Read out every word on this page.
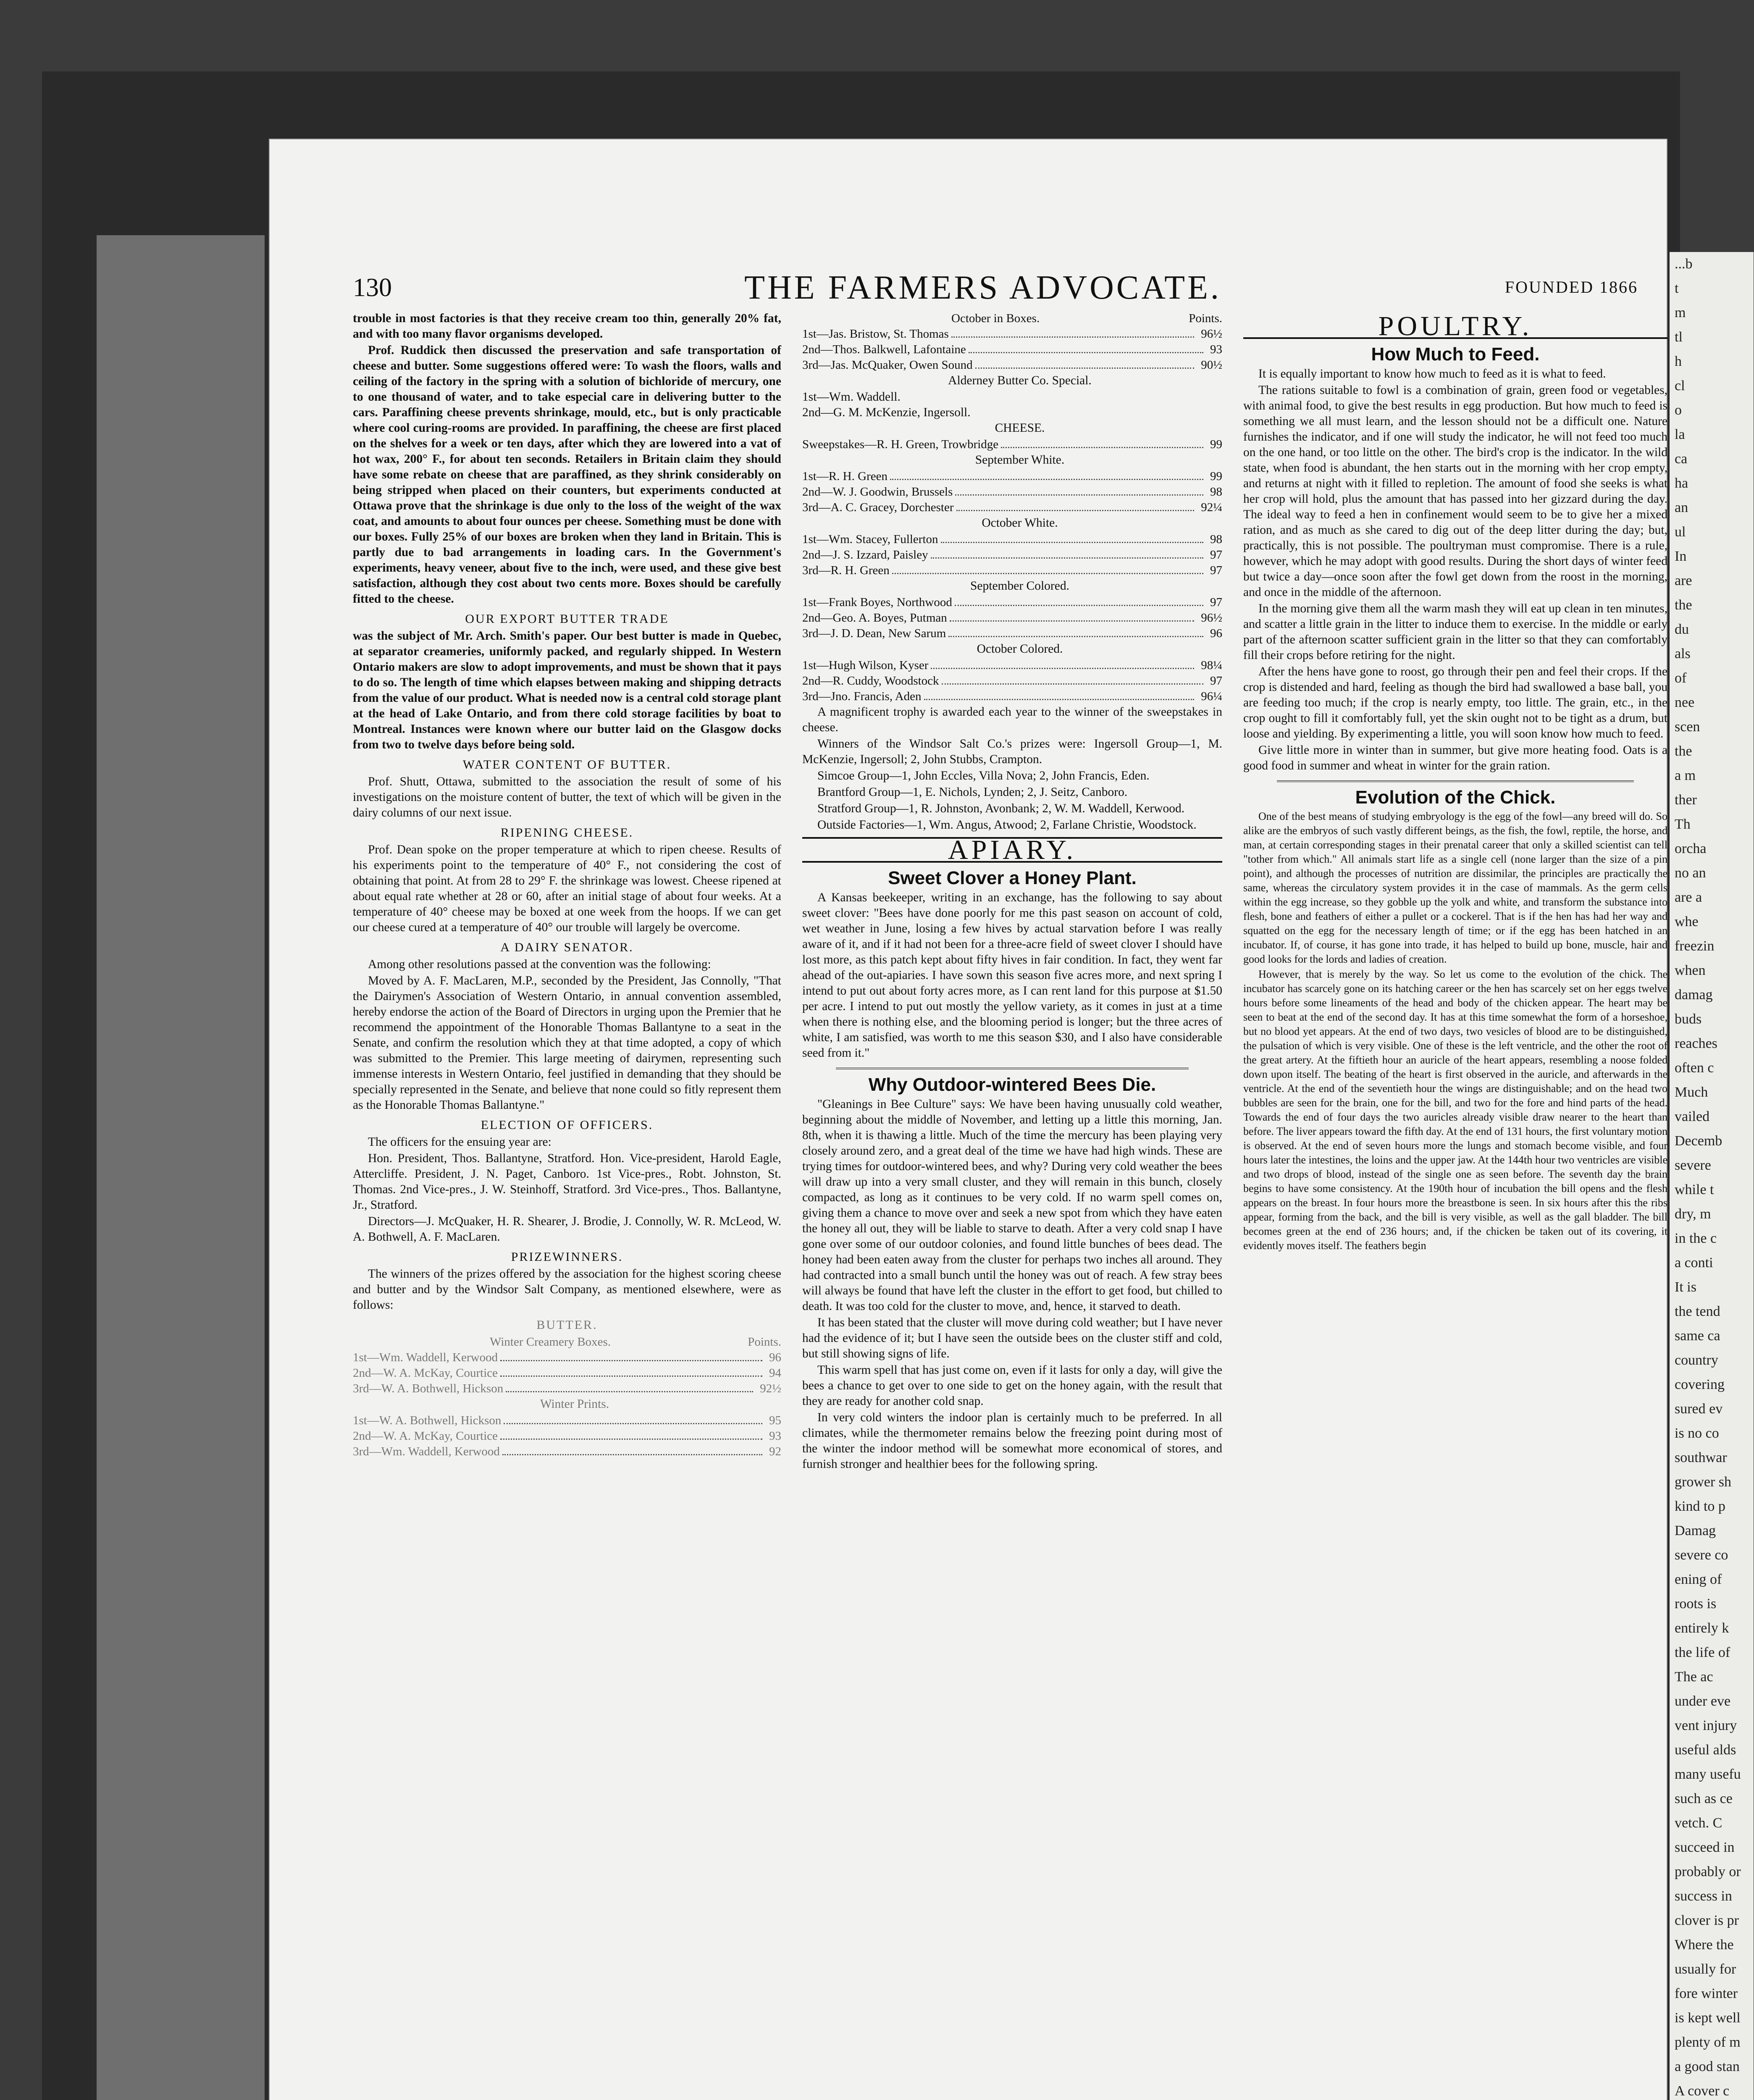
...b
t
m
tl
h
cl
o
la
ca
ha
an
ul
In
are
the
du
als
of
nee
scen
the
a m
ther
Th
orcha
no an
are a
whe
freezin
when
damag
buds
reaches
often c
Much
vailed
Decemb
severe
while t
dry, m
in the c
a conti
It is
the tend
same ca
country
covering
sured ev
is no co
southwar
grower sh
kind to p
Damag
severe co
ening of
roots is
entirely k
the life of
The ac
under eve
vent injury
useful alds
many usefu
such as ce
vetch. C
succeed in
probably or
success in
clover is pr
Where the
usually for
fore winter
is kept well
plenty of m
a good stan
A cover c
130	THE FARMERS ADVOCATE.	FOUNDED 1866

trouble in most factories is that they receive cream too thin, generally 20% fat, and with too many flavor organisms developed.

Prof. Ruddick then discussed the preservation and safe transportation of cheese and butter. Some suggestions offered were: To wash the floors, walls and ceiling of the factory in the spring with a solution of bichloride of mercury, one to one thousand of water, and to take especial care in delivering butter to the cars. Paraffining cheese prevents shrinkage, mould, etc., but is only practicable where cool curing-rooms are provided. In paraffining, the cheese are first placed on the shelves for a week or ten days, after which they are lowered into a vat of hot wax, 200° F., for about ten seconds. Retailers in Britain claim they should have some rebate on cheese that are paraffined, as they shrink considerably on being stripped when placed on their counters, but experiments conducted at Ottawa prove that the shrinkage is due only to the loss of the weight of the wax coat, and amounts to about four ounces per cheese. Something must be done with our boxes. Fully 25% of our boxes are broken when they land in Britain. This is partly due to bad arrangements in loading cars. In the Government's experiments, heavy veneer, about five to the inch, were used, and these give best satisfaction, although they cost about two cents more. Boxes should be carefully fitted to the cheese.

OUR EXPORT BUTTER TRADE

was the subject of Mr. Arch. Smith's paper. Our best butter is made in Quebec, at separator creameries, uniformly packed, and regularly shipped. In Western Ontario makers are slow to adopt improvements, and must be shown that it pays to do so. The length of time which elapses between making and shipping detracts from the value of our product. What is needed now is a central cold storage plant at the head of Lake Ontario, and from there cold storage facilities by boat to Montreal. Instances were known where our butter laid on the Glasgow docks from two to twelve days before being sold.

WATER CONTENT OF BUTTER.

Prof. Shutt, Ottawa, submitted to the association the result of some of his investigations on the moisture content of butter, the text of which will be given in the dairy columns of our next issue.

RIPENING CHEESE.

Prof. Dean spoke on the proper temperature at which to ripen cheese. Results of his experiments point to the temperature of 40° F., not considering the cost of obtaining that point. At from 28 to 29° F. the shrinkage was lowest. Cheese ripened at about equal rate whether at 28 or 60, after an initial stage of about four weeks. At a temperature of 40° cheese may be boxed at one week from the hoops. If we can get our cheese cured at a temperature of 40° our trouble will largely be overcome.

A DAIRY SENATOR.

Among other resolutions passed at the convention was the following:

Moved by A. F. MacLaren, M.P., seconded by the President, Jas Connolly, "That the Dairymen's Association of Western Ontario, in annual convention assembled, hereby endorse the action of the Board of Directors in urging upon the Premier that he recommend the appointment of the Honorable Thomas Ballantyne to a seat in the Senate, and confirm the resolution which they at that time adopted, a copy of which was submitted to the Premier. This large meeting of dairymen, representing such immense interests in Western Ontario, feel justified in demanding that they should be specially represented in the Senate, and believe that none could so fitly represent them as the Honorable Thomas Ballantyne."

ELECTION OF OFFICERS.

The officers for the ensuing year are:

Hon. President, Thos. Ballantyne, Stratford. Hon. Vice-president, Harold Eagle, Attercliffe. President, J. N. Paget, Canboro. 1st Vice-pres., Robt. Johnston, St. Thomas. 2nd Vice-pres., J. W. Steinhoff, Stratford. 3rd Vice-pres., Thos. Ballantyne, Jr., Stratford.

Directors—J. McQuaker, H. R. Shearer, J. Brodie, J. Connolly, W. R. McLeod, W. A. Bothwell, A. F. MacLaren.

PRIZEWINNERS.

The winners of the prizes offered by the association for the highest scoring cheese and butter and by the Windsor Salt Company, as mentioned elsewhere, were as follows:

BUTTER.

Winter Creamery Boxes.	Points.
1st—Wm. Waddell, Kerwood	96
2nd—W. A. McKay, Courtice	94
3rd—W. A. Bothwell, Hickson	92½

Winter Prints.

1st—W. A. Bothwell, Hickson	95
2nd—W. A. McKay, Courtice	93
3rd—Wm. Waddell, Kerwood	92
October in Boxes.	Points.
1st—Jas. Bristow, St. Thomas	96½
2nd—Thos. Balkwell, Lafontaine	93
3rd—Jas. McQuaker, Owen Sound	90½

Alderney Butter Co. Special.

1st—Wm. Waddell.
2nd—G. M. McKenzie, Ingersoll.

CHEESE.

Sweepstakes—R. H. Green, Trowbridge	99

September White.

1st—R. H. Green	99
2nd—W. J. Goodwin, Brussels	98
3rd—A. C. Gracey, Dorchester	92¼

October White.

1st—Wm. Stacey, Fullerton	98
2nd—J. S. Izzard, Paisley	97
3rd—R. H. Green	97

September Colored.

1st—Frank Boyes, Northwood	97
2nd—Geo. A. Boyes, Putman	96½
3rd—J. D. Dean, New Sarum	96

October Colored.

1st—Hugh Wilson, Kyser	98¼
2nd—R. Cuddy, Woodstock	97
3rd—Jno. Francis, Aden	96¼

A magnificent trophy is awarded each year to the winner of the sweepstakes in cheese.

Winners of the Windsor Salt Co.'s prizes were: Ingersoll Group—1, M. McKenzie, Ingersoll; 2, John Stubbs, Crampton.

Simcoe Group—1, John Eccles, Villa Nova; 2, John Francis, Eden.

Brantford Group—1, E. Nichols, Lynden; 2, J. Seitz, Canboro.

Stratford Group—1, R. Johnston, Avonbank; 2, W. M. Waddell, Kerwood.

Outside Factories—1, Wm. Angus, Atwood; 2, Farlane Christie, Woodstock.

APIARY.
Sweet Clover a Honey Plant.

A Kansas beekeeper, writing in an exchange, has the following to say about sweet clover: "Bees have done poorly for me this past season on account of cold, wet weather in June, losing a few hives by actual starvation before I was really aware of it, and if it had not been for a three-acre field of sweet clover I should have lost more, as this patch kept about fifty hives in fair condition. In fact, they went far ahead of the out-apiaries. I have sown this season five acres more, and next spring I intend to put out about forty acres more, as I can rent land for this purpose at $1.50 per acre. I intend to put out mostly the yellow variety, as it comes in just at a time when there is nothing else, and the blooming period is longer; but the three acres of white, I am satisfied, was worth to me this season $30, and I also have considerable seed from it."

Why Outdoor-wintered Bees Die.

"Gleanings in Bee Culture" says: We have been having unusually cold weather, beginning about the middle of November, and letting up a little this morning, Jan. 8th, when it is thawing a little. Much of the time the mercury has been playing very closely around zero, and a great deal of the time we have had high winds. These are trying times for outdoor-wintered bees, and why? During very cold weather the bees will draw up into a very small cluster, and they will remain in this bunch, closely compacted, as long as it continues to be very cold. If no warm spell comes on, giving them a chance to move over and seek a new spot from which they have eaten the honey all out, they will be liable to starve to death. After a very cold snap I have gone over some of our outdoor colonies, and found little bunches of bees dead. The honey had been eaten away from the cluster for perhaps two inches all around. They had contracted into a small bunch until the honey was out of reach. A few stray bees will always be found that have left the cluster in the effort to get food, but chilled to death. It was too cold for the cluster to move, and, hence, it starved to death.

It has been stated that the cluster will move during cold weather; but I have never had the evidence of it; but I have seen the outside bees on the cluster stiff and cold, but still showing signs of life.

This warm spell that has just come on, even if it lasts for only a day, will give the bees a chance to get over to one side to get on the honey again, with the result that they are ready for another cold snap.

In very cold winters the indoor plan is certainly much to be preferred. In all climates, while the thermometer remains below the freezing point during most of the winter the indoor method will be somewhat more economical of stores, and furnish stronger and healthier bees for the following spring.

POULTRY.
How Much to Feed.

It is equally important to know how much to feed as it is what to feed.

The rations suitable to fowl is a combination of grain, green food or vegetables, with animal food, to give the best results in egg production. But how much to feed is something we all must learn, and the lesson should not be a difficult one. Nature furnishes the indicator, and if one will study the indicator, he will not feed too much on the one hand, or too little on the other. The bird's crop is the indicator. In the wild state, when food is abundant, the hen starts out in the morning with her crop empty, and returns at night with it filled to repletion. The amount of food she seeks is what her crop will hold, plus the amount that has passed into her gizzard during the day. The ideal way to feed a hen in confinement would seem to be to give her a mixed ration, and as much as she cared to dig out of the deep litter during the day; but, practically, this is not possible. The poultryman must compromise. There is a rule, however, which he may adopt with good results. During the short days of winter feed but twice a day—once soon after the fowl get down from the roost in the morning, and once in the middle of the afternoon.

In the morning give them all the warm mash they will eat up clean in ten minutes, and scatter a little grain in the litter to induce them to exercise. In the middle or early part of the afternoon scatter sufficient grain in the litter so that they can comfortably fill their crops before retiring for the night.

After the hens have gone to roost, go through their pen and feel their crops. If the crop is distended and hard, feeling as though the bird had swallowed a base ball, you are feeding too much; if the crop is nearly empty, too little. The grain, etc., in the crop ought to fill it comfortably full, yet the skin ought not to be tight as a drum, but loose and yielding. By experimenting a little, you will soon know how much to feed.

Give little more in winter than in summer, but give more heating food. Oats is a good food in summer and wheat in winter for the grain ration.

Evolution of the Chick.

One of the best means of studying embryology is the egg of the fowl—any breed will do. So alike are the embryos of such vastly different beings, as the fish, the fowl, reptile, the horse, and man, at certain corresponding stages in their prenatal career that only a skilled scientist can tell "tother from which." All animals start life as a single cell (none larger than the size of a pin point), and although the processes of nutrition are dissimilar, the principles are practically the same, whereas the circulatory system provides it in the case of mammals. As the germ cells within the egg increase, so they gobble up the yolk and white, and transform the substance into flesh, bone and feathers of either a pullet or a cockerel. That is if the hen has had her way and squatted on the egg for the necessary length of time; or if the egg has been hatched in an incubator. If, of course, it has gone into trade, it has helped to build up bone, muscle, hair and good looks for the lords and ladies of creation.

However, that is merely by the way. So let us come to the evolution of the chick. The incubator has scarcely gone on its hatching career or the hen has scarcely set on her eggs twelve hours before some lineaments of the head and body of the chicken appear. The heart may be seen to beat at the end of the second day. It has at this time somewhat the form of a horseshoe, but no blood yet appears. At the end of two days, two vesicles of blood are to be distinguished, the pulsation of which is very visible. One of these is the left ventricle, and the other the root of the great artery. At the fiftieth hour an auricle of the heart appears, resembling a noose folded down upon itself. The beating of the heart is first observed in the auricle, and afterwards in the ventricle. At the end of the seventieth hour the wings are distinguishable; and on the head two bubbles are seen for the brain, one for the bill, and two for the fore and hind parts of the head. Towards the end of four days the two auricles already visible draw nearer to the heart than before. The liver appears toward the fifth day. At the end of 131 hours, the first voluntary motion is observed. At the end of seven hours more the lungs and stomach become visible, and four hours later the intestines, the loins and the upper jaw. At the 144th hour two ventricles are visible and two drops of blood, instead of the single one as seen before. The seventh day the brain begins to have some consistency. At the 190th hour of incubation the bill opens and the flesh appears on the breast. In four hours more the breastbone is seen. In six hours after this the ribs appear, forming from the back, and the bill is very visible, as well as the gall bladder. The bill becomes green at the end of 236 hours; and, if the chicken be taken out of its covering, it evidently moves itself. The feathers begin
